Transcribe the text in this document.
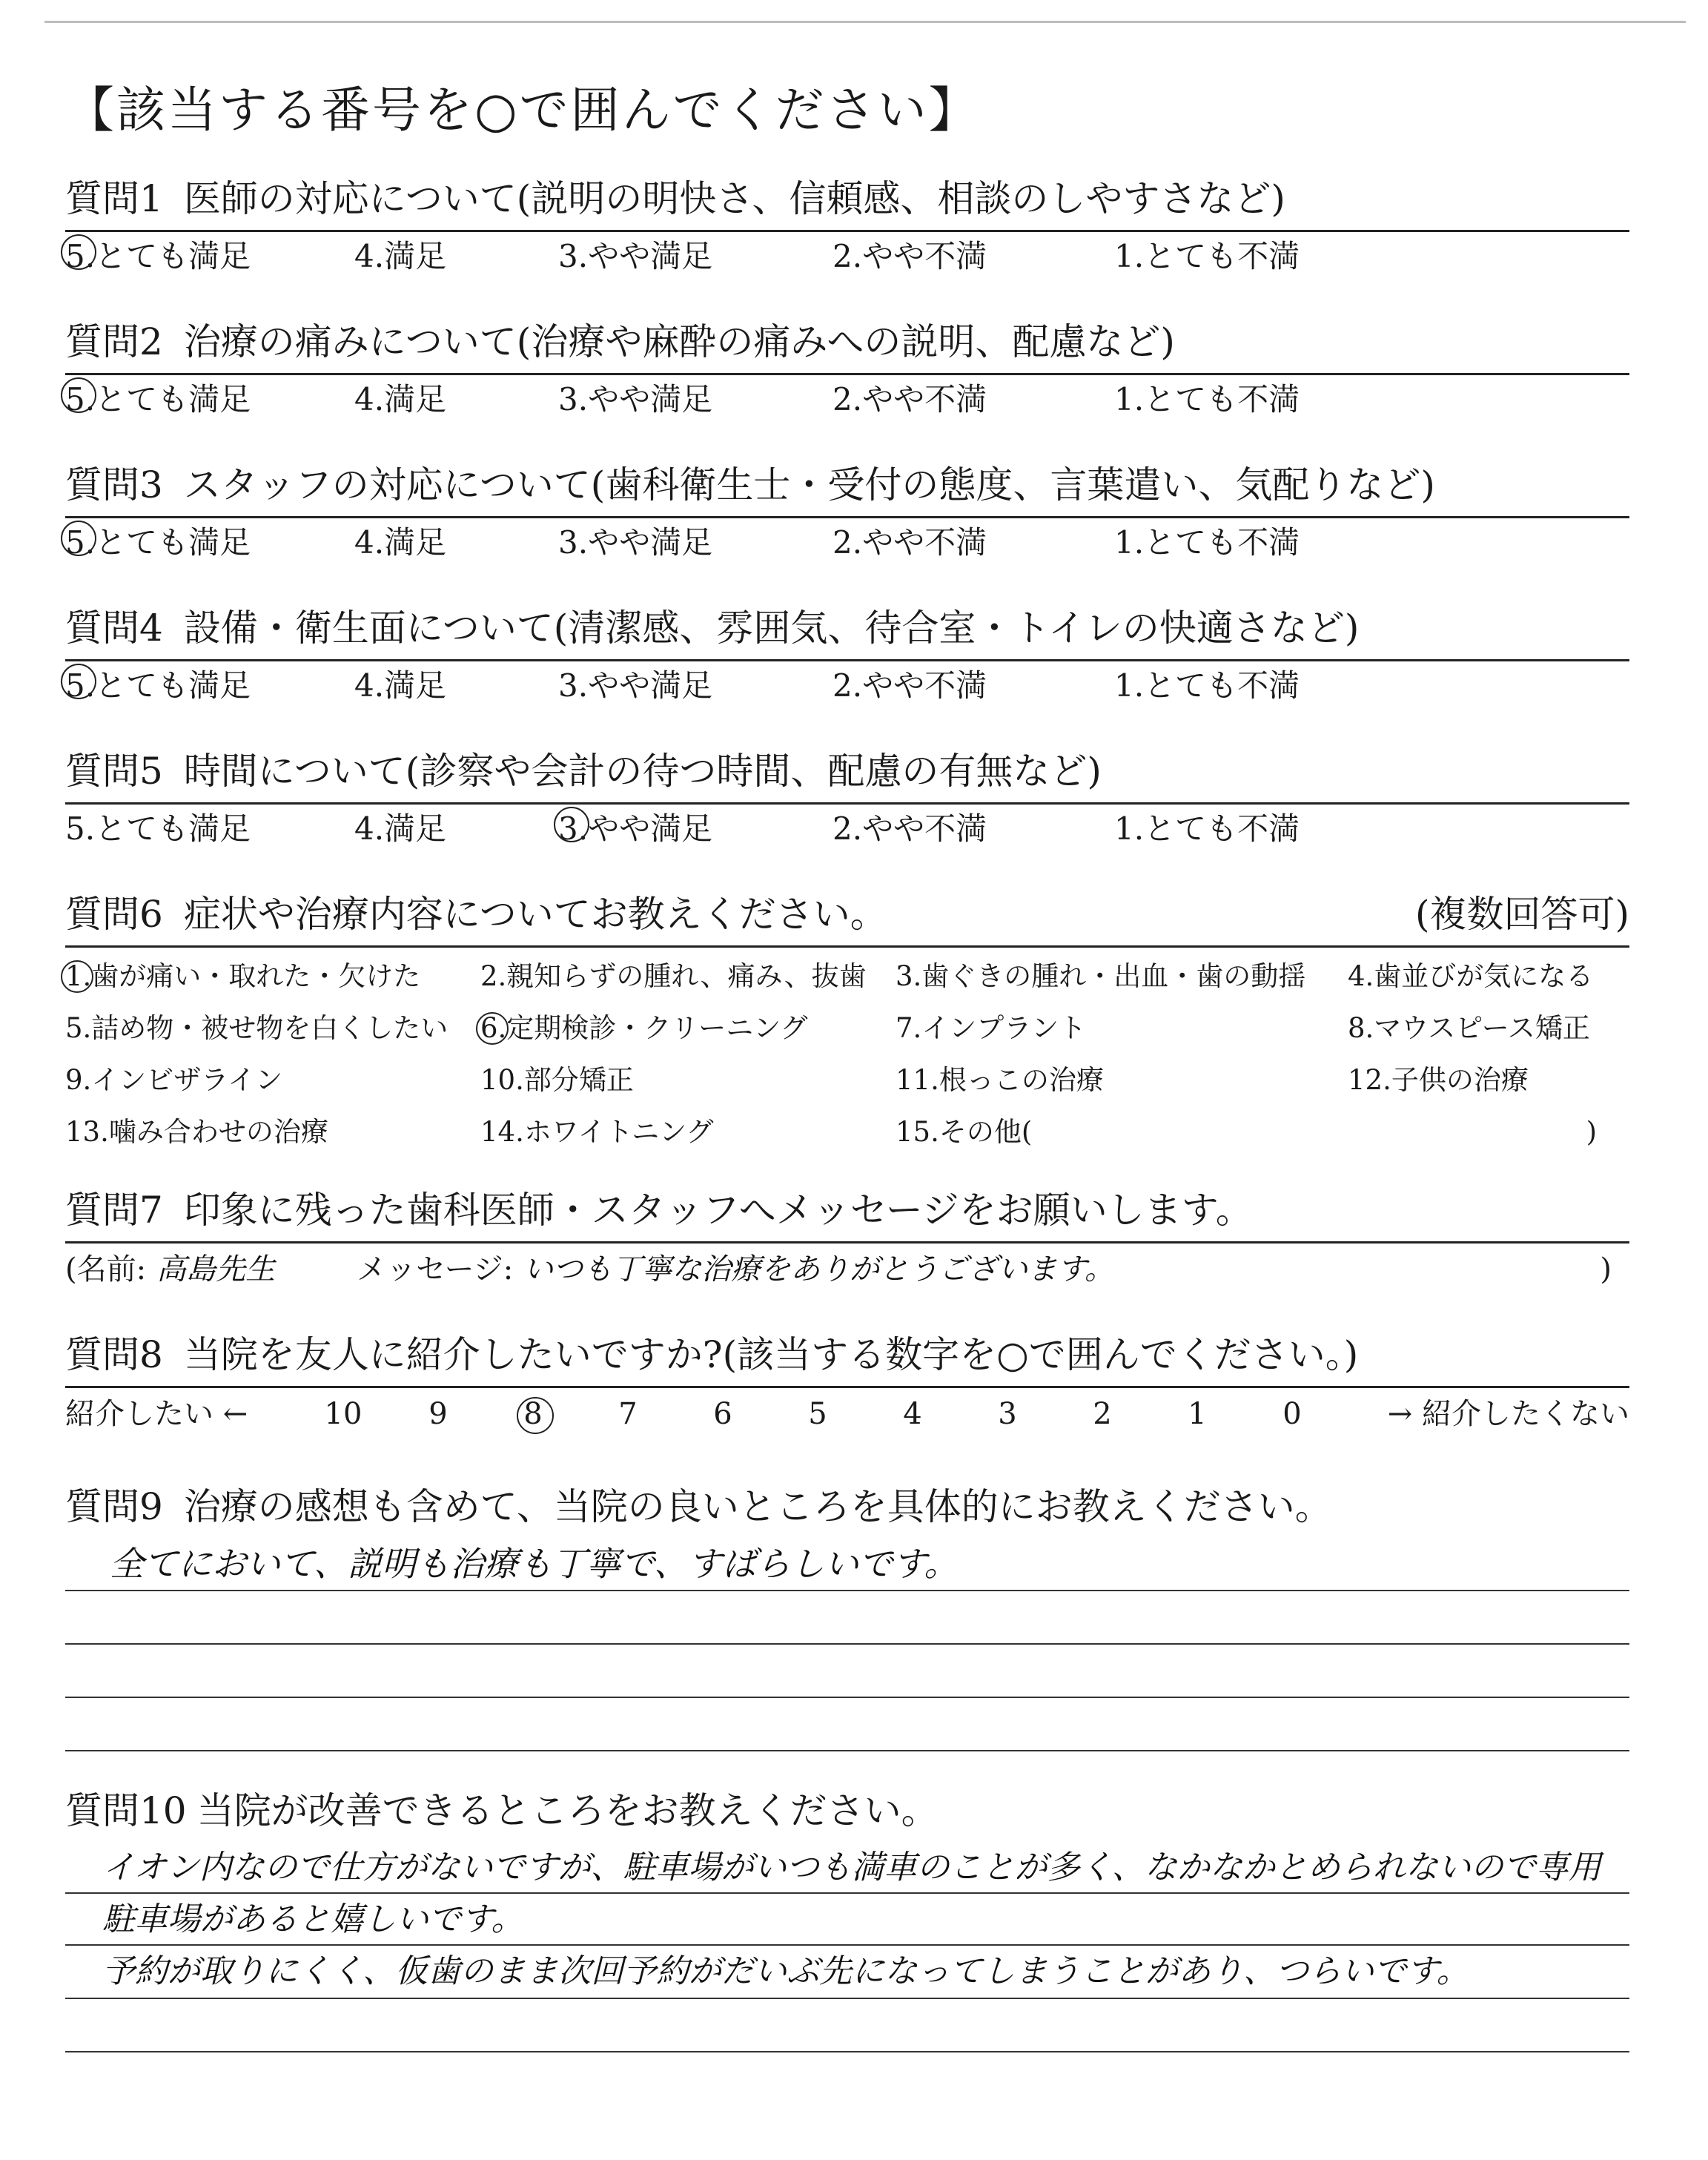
【該当する番号を○で囲んでください】
質問1 医師の対応について(説明の明快さ、信頼感、相談のしやすさなど)
5.とても満足	4.満足	3.やや満足	2.やや不満	1.とても不満
質問2 治療の痛みについて(治療や麻酔の痛みへの説明、配慮など)
5.とても満足	4.満足	3.やや満足	2.やや不満	1.とても不満
質問3 スタッフの対応について(歯科衛生士・受付の態度、言葉遣い、気配りなど)
5.とても満足	4.満足	3.やや満足	2.やや不満	1.とても不満
質問4 設備・衛生面について(清潔感、雰囲気、待合室・トイレの快適さなど)
5.とても満足	4.満足	3.やや満足	2.やや不満	1.とても不満
質問5 時間について(診察や会計の待つ時間、配慮の有無など)
5.とても満足	4.満足	3.やや満足	2.やや不満	1.とても不満
質問6 症状や治療内容についてお教えください。	(複数回答可)
1.歯が痛い・取れた・欠けた	2.親知らずの腫れ、痛み、抜歯	3.歯ぐきの腫れ・出血・歯の動揺	4.歯並びが気になる
5.詰め物・被せ物を白くしたい	6.定期検診・クリーニング	7.インプラント	8.マウスピース矯正
9.インビザライン	10.部分矯正	11.根っこの治療	12.子供の治療
13.噛み合わせの治療	14.ホワイトニング	15.その他(	)
質問7 印象に残った歯科医師・スタッフへメッセージをお願いします。
(名前: 高島先生	メッセージ: いつも丁寧な治療をありがとうございます。	)
質問8 当院を友人に紹介したいですか?(該当する数字を○で囲んでください。)
紹介したい ←	10	9	8	7	6	5	4	3	2	1	0	→ 紹介したくない
質問9 治療の感想も含めて、当院の良いところを具体的にお教えください。
全てにおいて、説明も治療も丁寧で、すばらしいです。
質問10 当院が改善できるところをお教えください。
イオン内なので仕方がないですが、駐車場がいつも満車のことが多く、なかなかとめられないので専用駐車場があると嬉しいです。
予約が取りにくく、仮歯のまま次回予約がだいぶ先になってしまうことがあり、つらいです。
